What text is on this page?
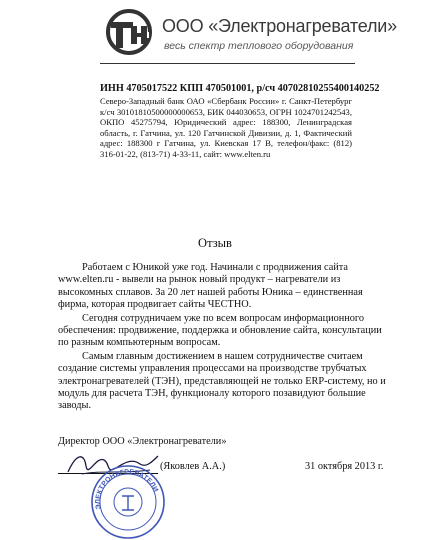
ООО «Электронагреватели»
весь спектр теплового оборудования
ИНН 4705017522 КПП 470501001, р/сч 40702810255400140252
Северо-Западный банк ОАО «Сбербанк России» г. Санкт-Петербург к/сч 30101810500000000653, БИК 044030653, ОГРН 1024701242543, ОКПО 45275794, Юридический адрес: 188300, Ленинградская область, г. Гатчина, ул. 120 Гатчинской Дивизии, д. 1, Фактический адрес: 188300 г Гатчина, ул. Киевская 17 В, телефон/факс: (812) 316-01-22, (813-71) 4-33-11, сайт: www.elten.ru
Отзыв

Работаем с Юникой уже год. Начинали с продвижения сайта www.elten.ru - вывели на рынок новый продукт – нагреватели из высокомных сплавов. За 20 лет нашей работы Юника – единственная фирма, которая продвигает сайты ЧЕСТНО.

Сегодня сотрудничаем уже по всем вопросам информационного обеспечения: продвижение, поддержка и обновление сайта, консультации по разным компьютерным вопросам.

Самым главным достижением в нашем сотрудничестве считаем создание системы управления процессами на производстве трубчатых электронагревателей (ТЭН), представляющей не только ERP-систему, но и модуль для расчета ТЭН, функционалу которого позавидуют большие заводы.

Директор ООО «Электронагреватели»
(Яковлев А.А.)	31 октября 2013 г.
ЭЛЕКТРОНАГРЕВАТЕЛИ
